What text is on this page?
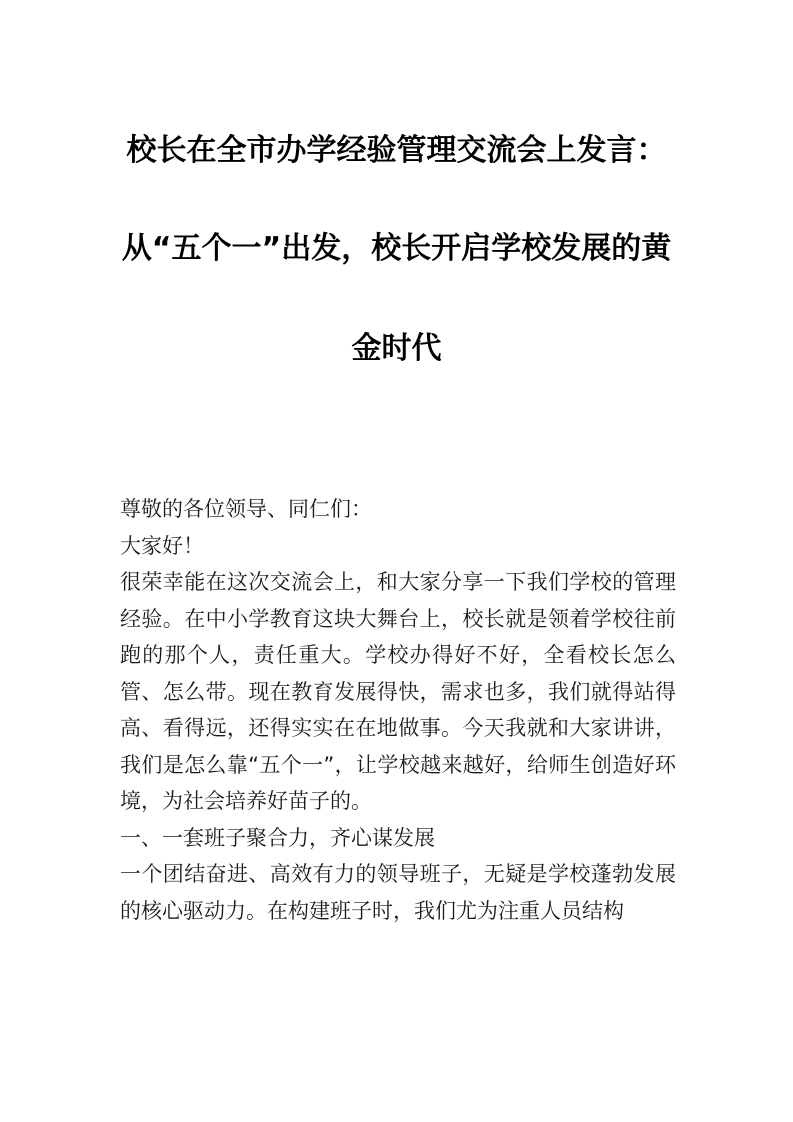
校长在全市办学经验管理交流会上发言：
从“五个一”出发，校长开启学校发展的黄
金时代

尊敬的各位领导、同仁们：

大家好！

很荣幸能在这次交流会上，和大家分享一下我们学校的管理经验。在中小学教育这块大舞台上，校长就是领着学校往前跑的那个人，责任重大。学校办得好不好，全看校长怎么管、怎么带。现在教育发展得快，需求也多，我们就得站得高、看得远，还得实实在在地做事。今天我就和大家讲讲，我们是怎么靠“五个一”，让学校越来越好，给师生创造好环境，为社会培养好苗子的。

一、一套班子聚合力，齐心谋发展

一个团结奋进、高效有力的领导班子，无疑是学校蓬勃发展的核心驱动力。在构建班子时，我们尤为注重人员结构
